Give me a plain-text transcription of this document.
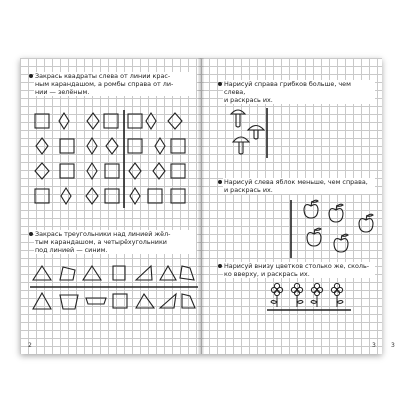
Закрась квадраты слева от линии крас-
ным карандашом, а ромбы справа от ли-
нии — зелёным.
Закрась треугольники над линией жёл-
тым карандашом, а четырёхугольники
под линией — синим.
2
Нарисуй справа грибков больше, чем слева,
и раскрась их.
Нарисуй слева яблок меньше, чем справа,
и раскрась их.
Нарисуй внизу цветков столько же, сколь-
ко вверху, и раскрась их.
3
3
